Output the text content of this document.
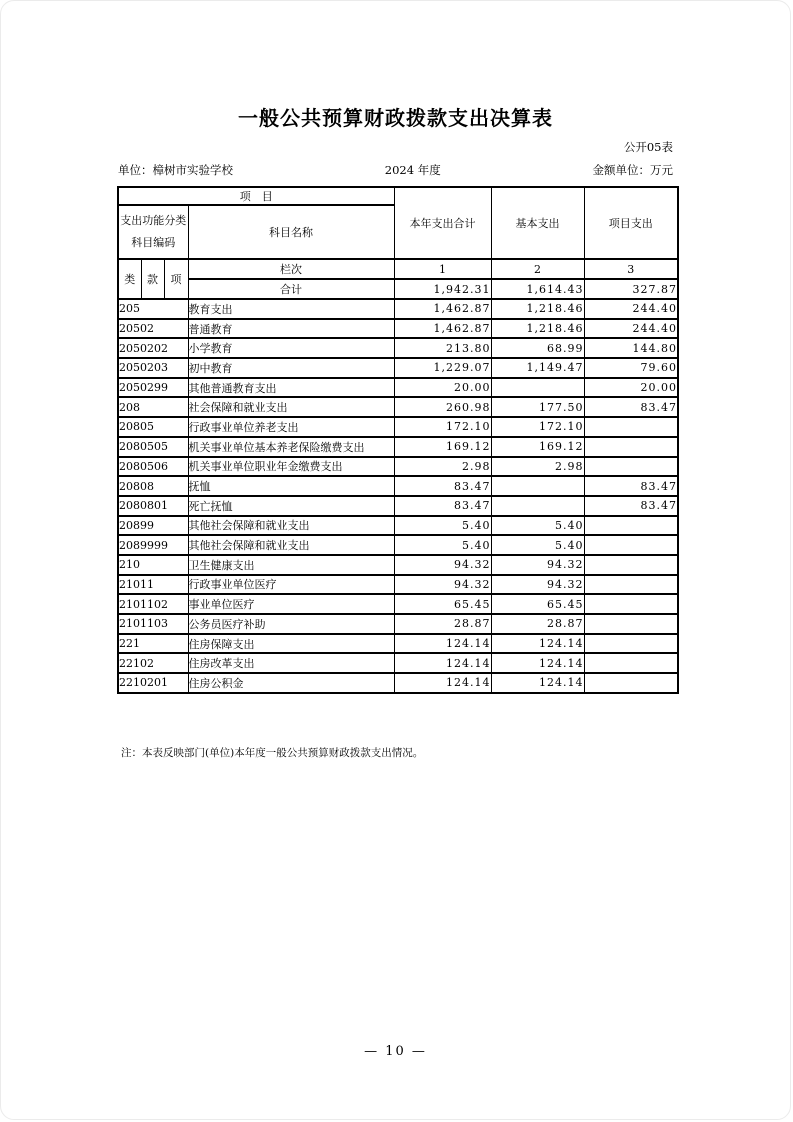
一般公共预算财政拨款支出决算表
公开05表
单位：樟树市实验学校	2024 年度	金额单位：万元
项　目				本年支出合计	基本支出	项目支出
支出功能分类科目编码			科目名称			
类	款	项	栏次	1	2	3
			合计	1,942.31	1,614.43	327.87
205			教育支出	1,462.87	1,218.46	244.40
20502			普通教育	1,462.87	1,218.46	244.40
2050202			小学教育	213.80	68.99	144.80
2050203			初中教育	1,229.07	1,149.47	79.60
2050299			其他普通教育支出	20.00		20.00
208			社会保障和就业支出	260.98	177.50	83.47
20805			行政事业单位养老支出	172.10	172.10	
2080505			机关事业单位基本养老保险缴费支出	169.12	169.12	
2080506			机关事业单位职业年金缴费支出	2.98	2.98	
20808			抚恤	83.47		83.47
2080801			死亡抚恤	83.47		83.47
20899			其他社会保障和就业支出	5.40	5.40	
2089999			其他社会保障和就业支出	5.40	5.40	
210			卫生健康支出	94.32	94.32	
21011			行政事业单位医疗	94.32	94.32	
2101102			事业单位医疗	65.45	65.45	
2101103			公务员医疗补助	28.87	28.87	
221			住房保障支出	124.14	124.14	
22102			住房改革支出	124.14	124.14	
2210201			住房公积金	124.14	124.14	
注：本表反映部门(单位)本年度一般公共预算财政拨款支出情况。
— 10 —
